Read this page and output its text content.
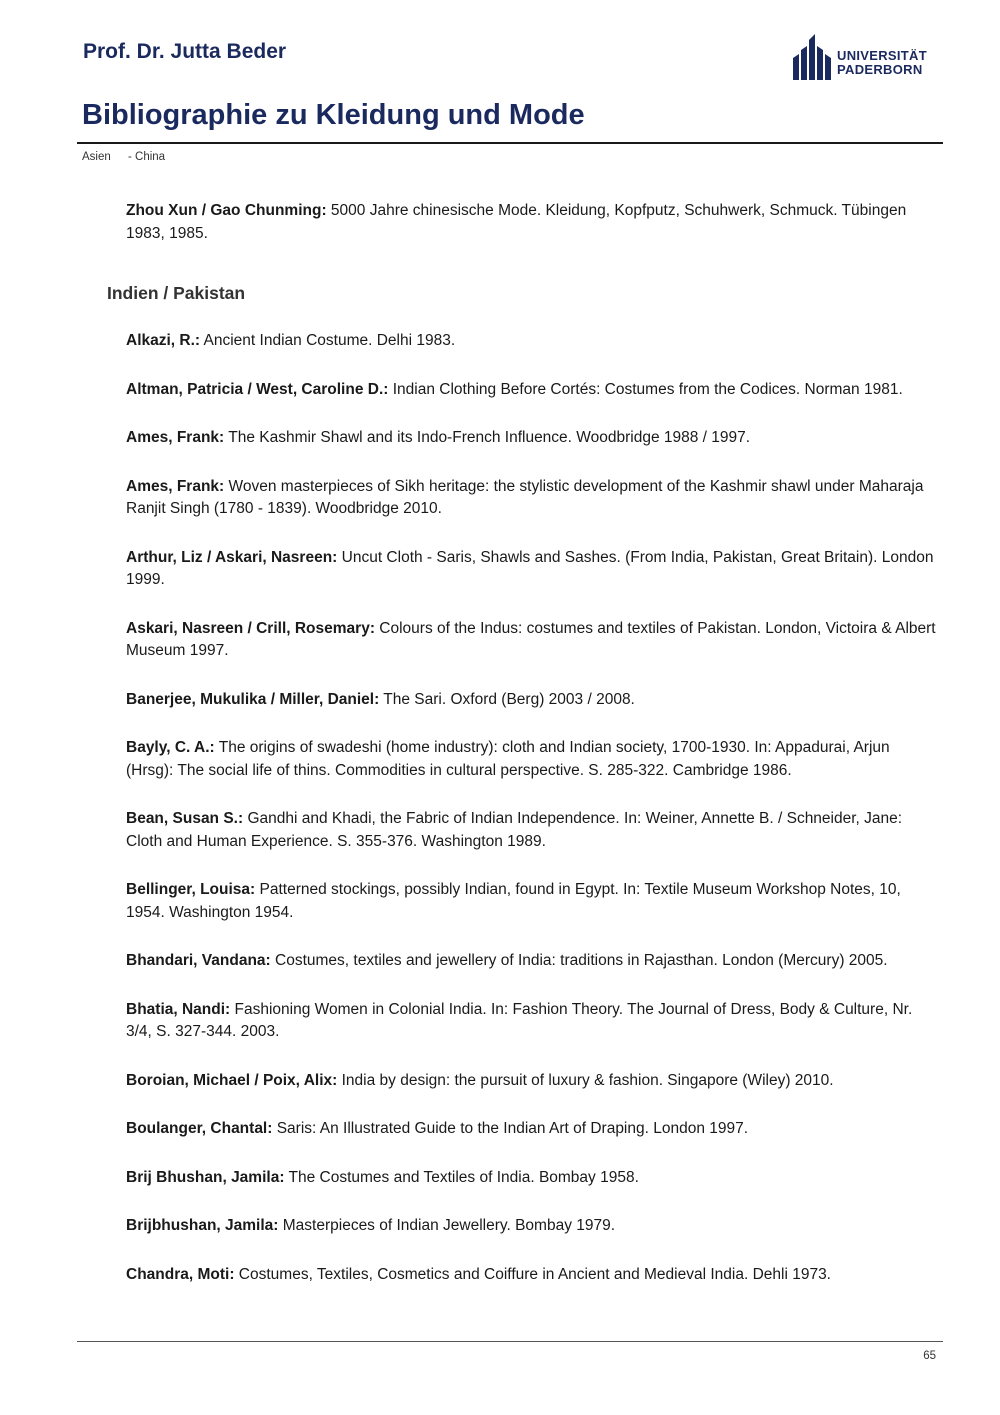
Prof. Dr. Jutta Beder	UNIVERSITÄT
PADERBORN
Bibliographie zu Kleidung und Mode
Asien - China

Zhou Xun / Gao Chunming: 5000 Jahre chinesische Mode. Kleidung, Kopfputz, Schuhwerk, Schmuck. Tübingen 1983, 1985.

Indien / Pakistan

Alkazi, R.: Ancient Indian Costume. Delhi 1983.

Altman, Patricia / West, Caroline D.: Indian Clothing Before Cortés: Costumes from the Codices. Norman 1981.

Ames, Frank: The Kashmir Shawl and its Indo-French Influence. Woodbridge 1988 / 1997.

Ames, Frank: Woven masterpieces of Sikh heritage: the stylistic development of the Kashmir shawl under Maharaja Ranjit Singh (1780 - 1839). Woodbridge 2010.

Arthur, Liz / Askari, Nasreen: Uncut Cloth - Saris, Shawls and Sashes. (From India, Pakistan, Great Britain). London 1999.

Askari, Nasreen / Crill, Rosemary: Colours of the Indus: costumes and textiles of Pakistan. London, Victoira & Albert Museum 1997.

Banerjee, Mukulika / Miller, Daniel: The Sari. Oxford (Berg) 2003 / 2008.

Bayly, C. A.: The origins of swadeshi (home industry): cloth and Indian society, 1700-1930. In: Appadurai, Arjun (Hrsg): The social life of thins. Commodities in cultural perspective. S. 285-322. Cambridge 1986.

Bean, Susan S.: Gandhi and Khadi, the Fabric of Indian Independence. In: Weiner, Annette B. / Schneider, Jane: Cloth and Human Experience. S. 355-376. Washington 1989.

Bellinger, Louisa: Patterned stockings, possibly Indian, found in Egypt. In: Textile Museum Workshop Notes, 10, 1954. Washington 1954.

Bhandari, Vandana: Costumes, textiles and jewellery of India: traditions in Rajasthan. London (Mercury) 2005.

Bhatia, Nandi: Fashioning Women in Colonial India. In: Fashion Theory. The Journal of Dress, Body & Culture, Nr. 3/4, S. 327-344. 2003.

Boroian, Michael / Poix, Alix: India by design: the pursuit of luxury & fashion. Singapore (Wiley) 2010.

Boulanger, Chantal: Saris: An Illustrated Guide to the Indian Art of Draping. London 1997.

Brij Bhushan, Jamila: The Costumes and Textiles of India. Bombay 1958.

Brijbhushan, Jamila: Masterpieces of Indian Jewellery. Bombay 1979.

Chandra, Moti: Costumes, Textiles, Cosmetics and Coiffure in Ancient and Medieval India. Dehli 1973.

65
